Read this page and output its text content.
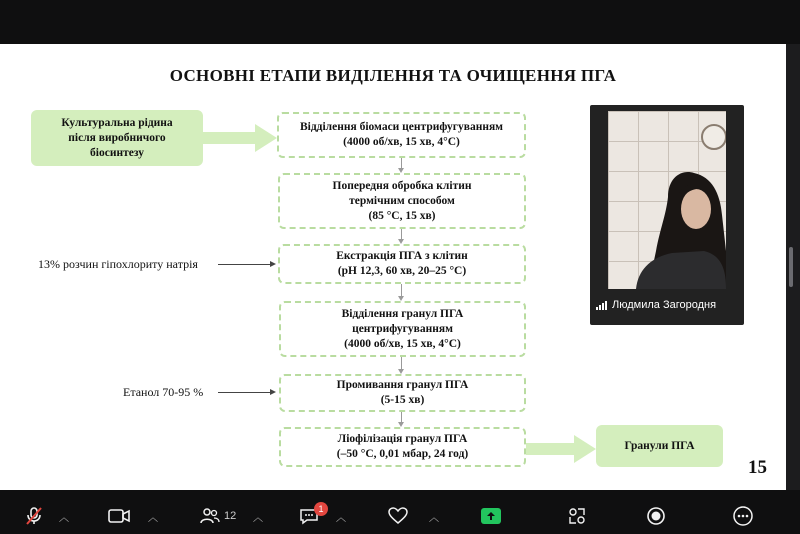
ОСНОВНІ ЕТАПИ ВИДІЛЕННЯ ТА ОЧИЩЕННЯ ПГА
Культуральна рідина
після виробничого
біосинтезу
Відділення біомаси центрифугуванням
(4000 об/хв, 15 хв, 4°С)
Попередня обробка клітин
термічним способом
(85 °С, 15 хв)
Екстракція ПГА з клітин
(рН 12,3, 60 хв, 20–25 °С)
13% розчин гіпохлориту натрія
Відділення гранул ПГА
центрифугуванням
(4000 об/хв, 15 хв, 4°С)
Промивання гранул ПГА
(5-15 хв)
Етанол 70-95 %
Ліофілізація гранул ПГА
(–50 °С, 0,01 мбар, 24 год)
Гранули ПГА
15
Людмила Загородня
︿	︿	12 ︿	︿	︿
1
